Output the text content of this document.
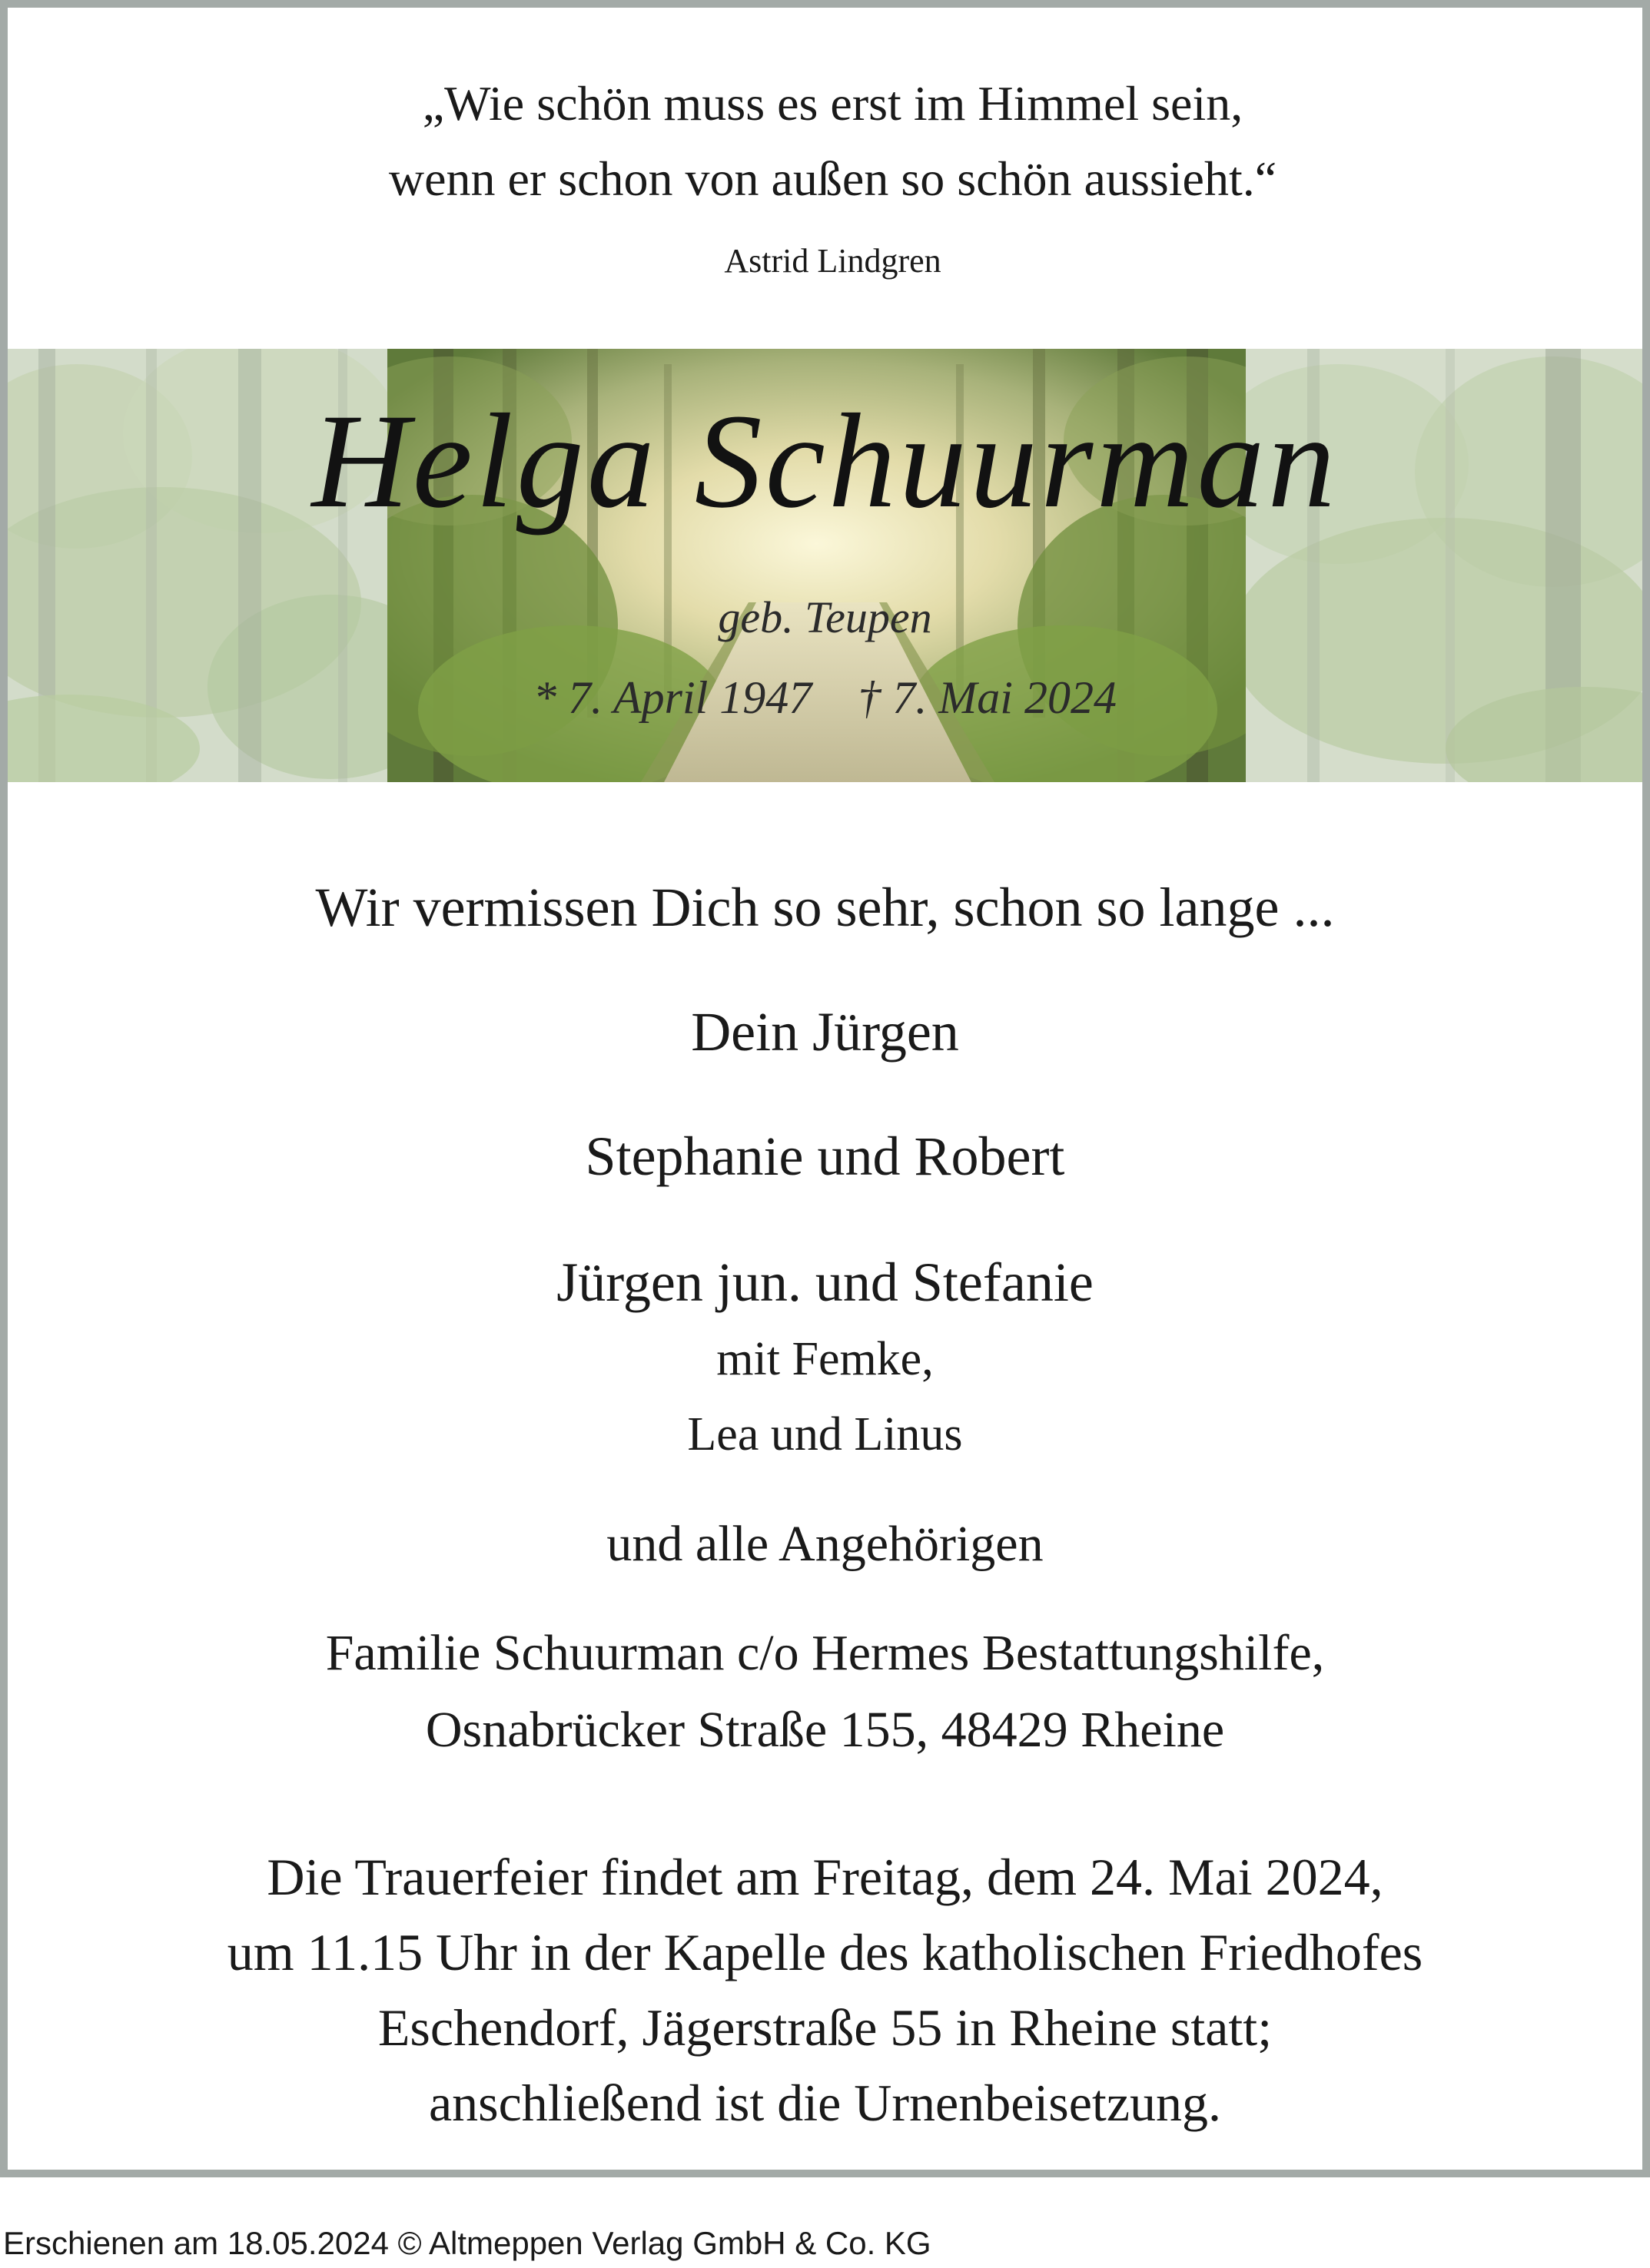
„Wie schön muss es erst im Himmel sein,
wenn er schon von außen so schön aussieht.“
Astrid Lindgren
Helga Schuurman
geb. Teupen
* 7. April 1947 † 7. Mai 2024
Wir vermissen Dich so sehr, schon so lange ...
Dein Jürgen
Stephanie und Robert
Jürgen jun. und Stefanie
mit Femke,
Lea und Linus
und alle Angehörigen
Familie Schuurman c/o Hermes Bestattungshilfe,
Osnabrücker Straße 155, 48429 Rheine
Die Trauerfeier findet am Freitag, dem 24. Mai 2024,
um 11.15 Uhr in der Kapelle des katholischen Friedhofes
Eschendorf, Jägerstraße 55 in Rheine statt;
anschließend ist die Urnenbeisetzung.
Erschienen am 18.05.2024 © Altmeppen Verlag GmbH & Co. KG
